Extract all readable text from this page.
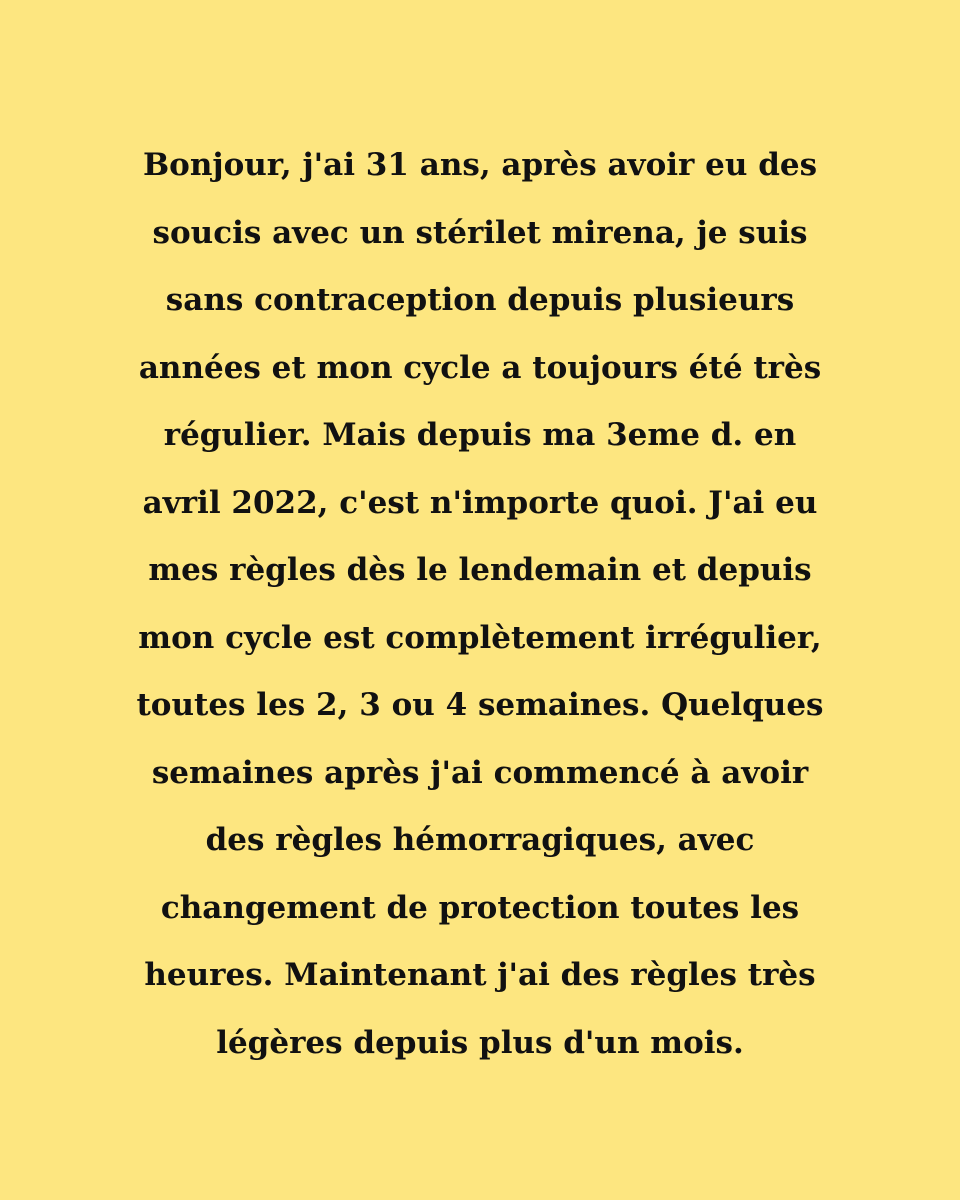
Bonjour, j'ai 31 ans, après avoir eu des
soucis avec un stérilet mirena, je suis
sans contraception depuis plusieurs
années et mon cycle a toujours été très
régulier. Mais depuis ma 3eme d. en
avril 2022, c'est n'importe quoi. J'ai eu
mes règles dès le lendemain et depuis
mon cycle est complètement irrégulier,
toutes les 2, 3 ou 4 semaines. Quelques
semaines après j'ai commencé à avoir
des règles hémorragiques, avec
changement de protection toutes les
heures. Maintenant j'ai des règles très
légères depuis plus d'un mois.
